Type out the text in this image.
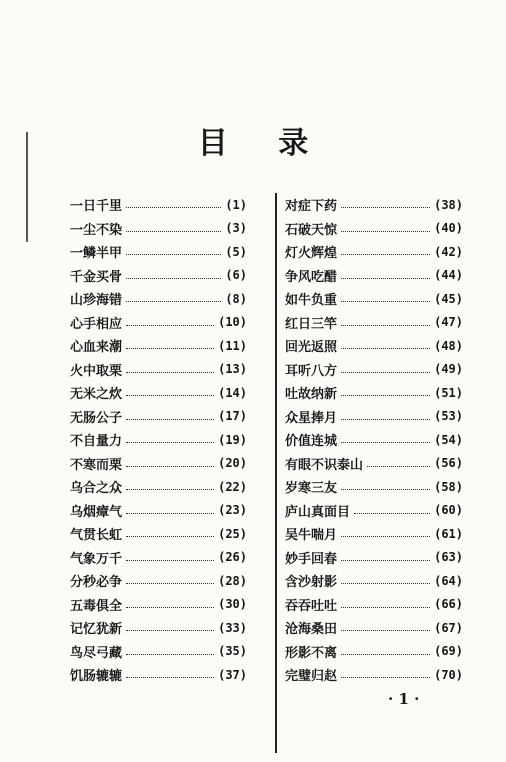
目 录
一日千里	(1)
一尘不染	(3)
一鳞半甲	(5)
千金买骨	(6)
山珍海错	(8)
心手相应	(10)
心血来潮	(11)
火中取栗	(13)
无米之炊	(14)
无肠公子	(17)
不自量力	(19)
不寒而栗	(20)
乌合之众	(22)
乌烟瘴气	(23)
气贯长虹	(25)
气象万千	(26)
分秒必争	(28)
五毒俱全	(30)
记忆犹新	(33)
鸟尽弓藏	(35)
饥肠辘辘	(37)
对症下药	(38)
石破天惊	(40)
灯火辉煌	(42)
争风吃醋	(44)
如牛负重	(45)
红日三竿	(47)
回光返照	(48)
耳听八方	(49)
吐故纳新	(51)
众星捧月	(53)
价值连城	(54)
有眼不识泰山	(56)
岁寒三友	(58)
庐山真面目	(60)
吴牛喘月	(61)
妙手回春	(63)
含沙射影	(64)
吞吞吐吐	(66)
沧海桑田	(67)
形影不离	(69)
完璧归赵	(70)
· 1 ·
